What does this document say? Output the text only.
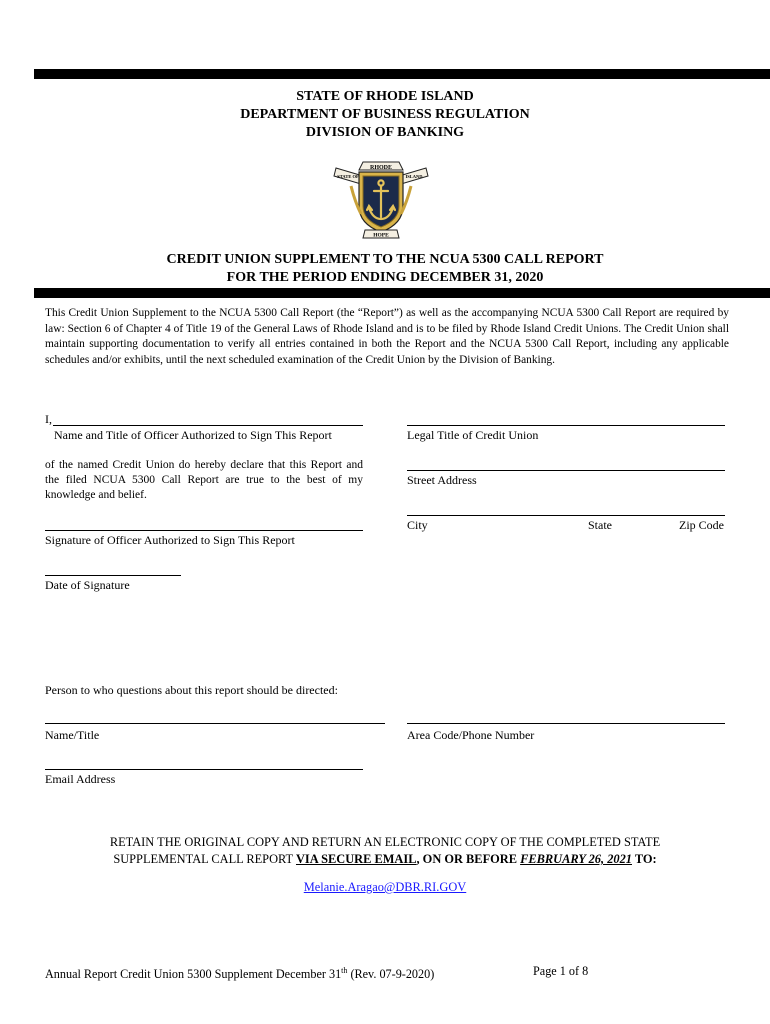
STATE OF RHODE ISLAND
DEPARTMENT OF BUSINESS REGULATION
DIVISION OF BANKING
RHODE
STATE OF	ISLAND
HOPE
CREDIT UNION SUPPLEMENT TO THE NCUA 5300 CALL REPORT
FOR THE PERIOD ENDING DECEMBER 31, 2020
This Credit Union Supplement to the NCUA 5300 Call Report (the “Report”) as well as the accompanying NCUA 5300 Call Report are required by law: Section 6 of Chapter 4 of Title 19 of the General Laws of Rhode Island and is to be filed by Rhode Island Credit Unions. The Credit Union shall maintain supporting documentation to verify all entries contained in both the Report and the NCUA 5300 Call Report, including any applicable schedules and/or exhibits, until the next scheduled examination of the Credit Union by the Division of Banking.
I,
Name and Title of Officer Authorized to Sign This Report	Legal Title of Credit Union
of the named Credit Union do hereby declare that this Report and the filed NCUA 5300 Call Report are true to the best of my knowledge and belief.
Street Address
City	State	Zip Code
Signature of Officer Authorized to Sign This Report
Date of Signature
Person to who questions about this report should be directed:
Name/Title	Area Code/Phone Number
Email Address
RETAIN THE ORIGINAL COPY AND RETURN AN ELECTRONIC COPY OF THE COMPLETED STATE
SUPPLEMENTAL CALL REPORT VIA SECURE EMAIL, ON OR BEFORE FEBRUARY 26, 2021 TO:
Melanie.Aragao@DBR.RI.GOV
Annual Report Credit Union 5300 Supplement December 31th (Rev. 07-9-2020)	Page 1 of 8
